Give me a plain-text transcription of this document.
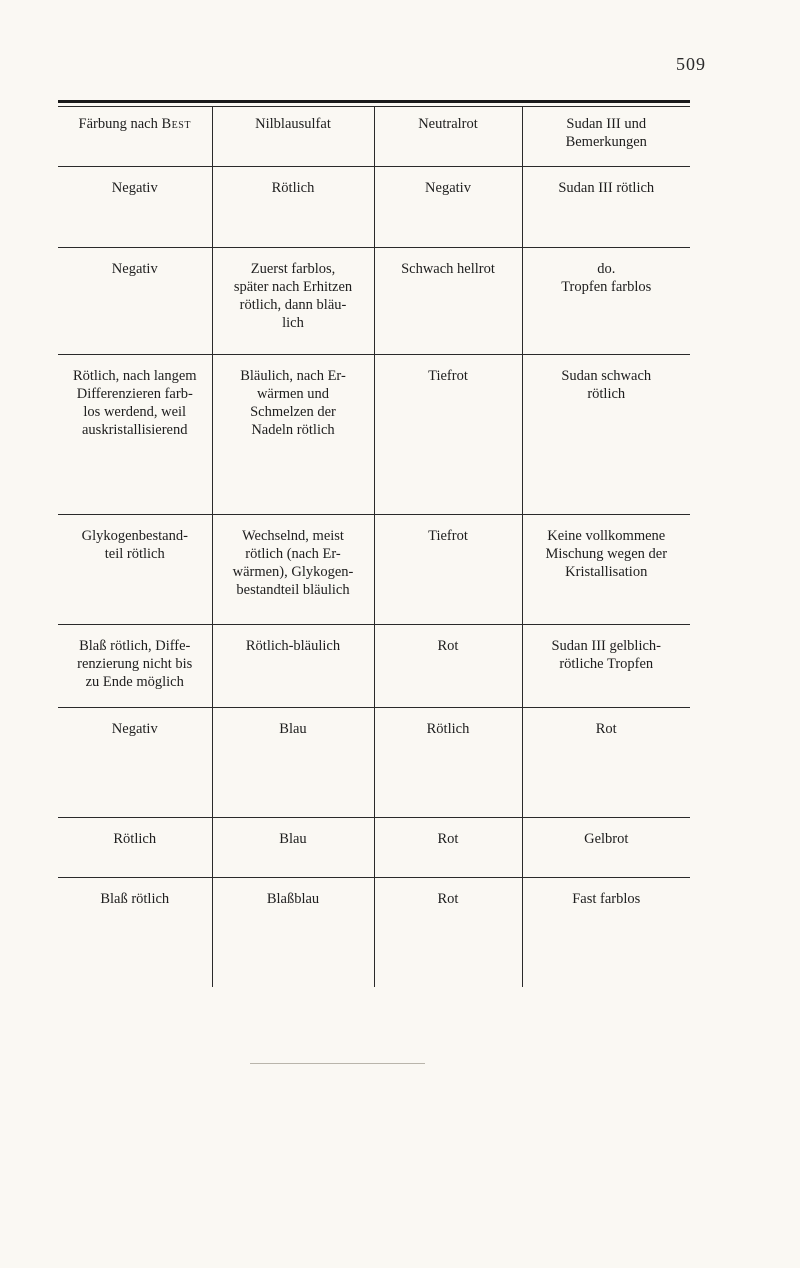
509
Färbung nach Best	Nilblausulfat	Neutralrot	Sudan III und
Bemerkungen

Negativ	Rötlich	Negativ	Sudan III rötlich

Negativ	Zuerst farblos,
später nach Erhitzen
rötlich, dann bläu-
lich	Schwach hellrot	do.
Tropfen farblos

Rötlich, nach langem
Differenzieren farb-
los werdend, weil
auskristallisierend	Bläulich, nach Er-
wärmen und
Schmelzen der
Nadeln rötlich	Tiefrot	Sudan schwach
rötlich

Glykogenbestand-
teil rötlich	Wechselnd, meist
rötlich (nach Er-
wärmen), Glykogen-
bestandteil bläulich	Tiefrot	Keine vollkommene
Mischung wegen der
Kristallisation

Blaß rötlich, Diffe-
renzierung nicht bis
zu Ende möglich	Rötlich-bläulich	Rot	Sudan III gelblich-
rötliche Tropfen

Negativ	Blau	Rötlich	Rot

Rötlich	Blau	Rot	Gelbrot

Blaß rötlich	Blaßblau	Rot	Fast farblos
